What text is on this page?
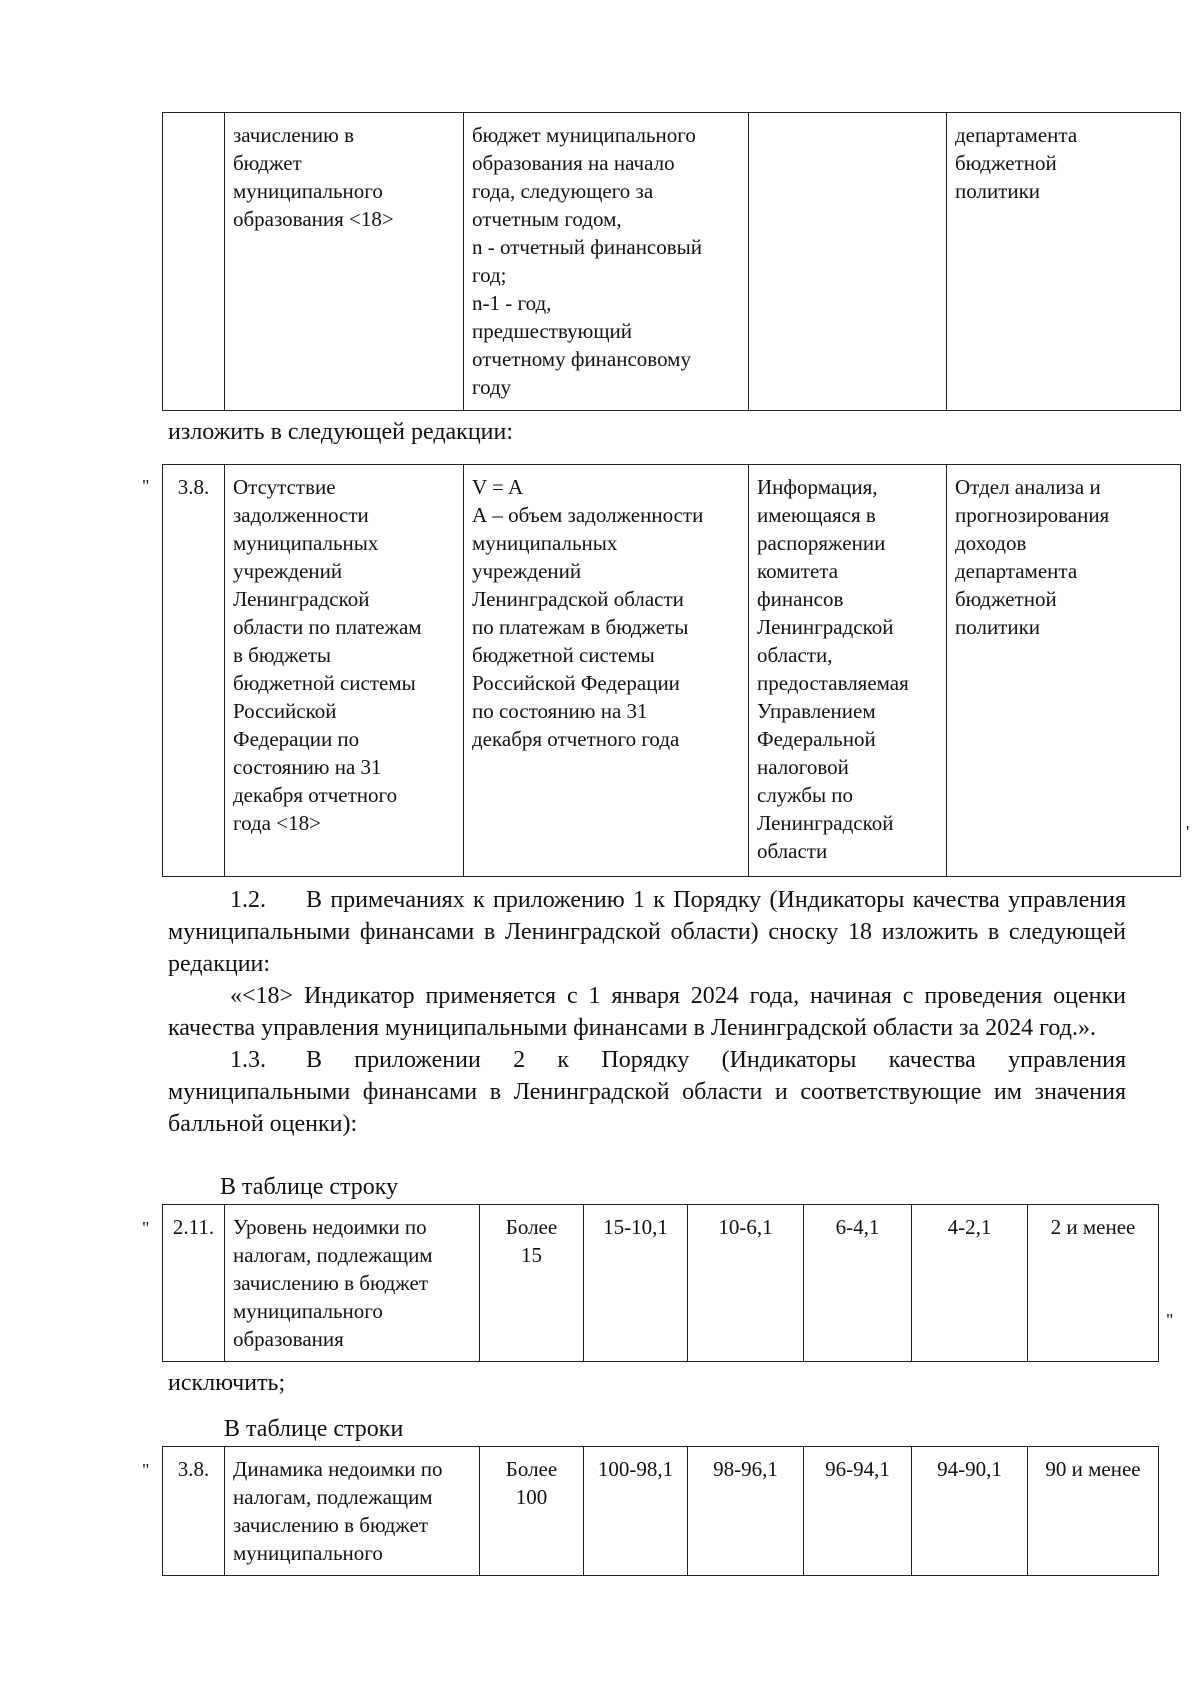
	зачислению в
бюджет
муниципального
образования <18>	бюджет муниципального
образования на начало
года, следующего за
отчетным годом,
n - отчетный финансовый
год;
n-1 - год,
предшествующий
отчетному финансовому
году		департамента
бюджетной
политики
изложить в следующей редакции:
" 3.8.	Отсутствие
задолженности
муниципальных
учреждений
Ленинградской
области по платежам
в бюджеты
бюджетной системы
Российской
Федерации по
состоянию на 31
декабря отчетного
года <18>	V = A
А – объем задолженности
муниципальных
учреждений
Ленинградской области
по платежам в бюджеты
бюджетной системы
Российской Федерации
по состоянию на 31
декабря отчетного года	Информация,
имеющаяся в
распоряжении
комитета
финансов
Ленинградской
области,
предоставляемая
Управлением
Федеральной
налоговой
службы по
Ленинградской
области	Отдел анализа и
прогнозирования
доходов
департамента
бюджетной
политики
'

1.2. В примечаниях к приложению 1 к Порядку (Индикаторы качества управления муниципальными финансами в Ленинградской области) сноску 18 изложить в следующей редакции:

«<18> Индикатор применяется с 1 января 2024 года, начиная с проведения оценки качества управления муниципальными финансами в Ленинградской области за 2024 год.».

1.3. В приложении 2 к Порядку (Индикаторы качества управления муниципальными финансами в Ленинградской области и соответствующие им значения балльной оценки):

В таблице строку
" 2.11.	Уровень недоимки по
налогам, подлежащим
зачислению в бюджет
муниципального
образования	Более
15	15-10,1	10-6,1	6-4,1	4-2,1	2 и менее
"
исключить;
В таблице строки
" 3.8.	Динамика недоимки по
налогам, подлежащим
зачислению в бюджет
муниципального	Более
100	100-98,1	98-96,1	96-94,1	94-90,1	90 и менее
